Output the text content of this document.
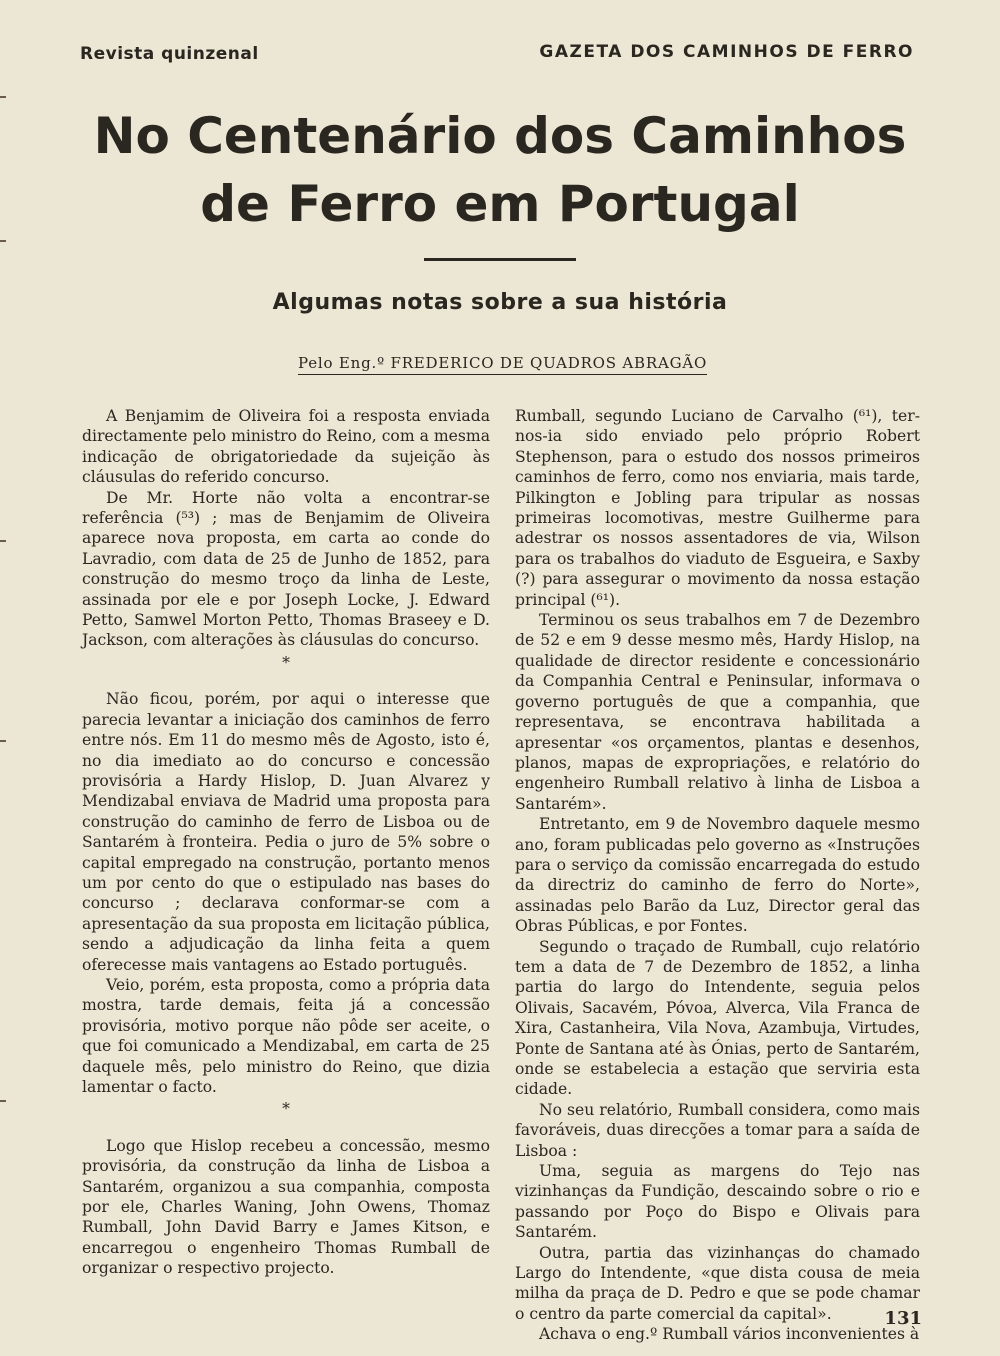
Revista quinzenal	GAZETA DOS CAMINHOS DE FERRO
No Centenário dos Caminhos
de Ferro em Portugal
Algumas notas sobre a sua história
Pelo Eng.º FREDERICO DE QUADROS ABRAGÃO

A Benjamim de Oliveira foi a resposta enviada directamente pelo ministro do Reino, com a mesma indicação de obrigatoriedade da sujeição às cláusulas do referido concurso.

De Mr. Horte não volta a encontrar-se referência (⁵³) ; mas de Benjamim de Oliveira aparece nova proposta, em carta ao conde do Lavradio, com data de 25 de Junho de 1852, para construção do mesmo troço da linha de Leste, assinada por ele e por Joseph Locke, J. Edward Petto, Samwel Morton Petto, Thomas Braseey e D. Jackson, com alterações às cláusulas do concurso.

*

Não ficou, porém, por aqui o interesse que parecia levantar a iniciação dos caminhos de ferro entre nós. Em 11 do mesmo mês de Agosto, isto é, no dia imediato ao do concurso e concessão provisória a Hardy Hislop, D. Juan Alvarez y Mendizabal enviava de Madrid uma proposta para construção do caminho de ferro de Lisboa ou de Santarém à fronteira. Pedia o juro de 5% sobre o capital empregado na construção, portanto menos um por cento do que o estipulado nas bases do concurso ; declarava conformar-se com a apresentação da sua proposta em licitação pública, sendo a adjudicação da linha feita a quem oferecesse mais vantagens ao Estado português.

Veio, porém, esta proposta, como a própria data mostra, tarde demais, feita já a concessão provisória, motivo porque não pôde ser aceite, o que foi comunicado a Mendizabal, em carta de 25 daquele mês, pelo ministro do Reino, que dizia lamentar o facto.

*

Logo que Hislop recebeu a concessão, mesmo provisória, da construção da linha de Lisboa a Santarém, organizou a sua companhia, composta por ele, Charles Waning, John Owens, Thomaz Rumball, John David Barry e James Kitson, e encarregou o engenheiro Thomas Rumball de organizar o respectivo projecto.

Rumball, segundo Luciano de Carvalho (⁶¹), ter-nos-ia sido enviado pelo próprio Robert Stephenson, para o estudo dos nossos primeiros caminhos de ferro, como nos enviaria, mais tarde, Pilkington e Jobling para tripular as nossas primeiras locomotivas, mestre Guilherme para adestrar os nossos assentadores de via, Wilson para os trabalhos do viaduto de Esgueira, e Saxby (?) para assegurar o movimento da nossa estação principal (⁶¹).

Terminou os seus trabalhos em 7 de Dezembro de 52 e em 9 desse mesmo mês, Hardy Hislop, na qualidade de director residente e concessionário da Companhia Central e Peninsular, informava o governo português de que a companhia, que representava, se encontrava habilitada a apresentar «os orçamentos, plantas e desenhos, planos, mapas de expropriações, e relatório do engenheiro Rumball relativo à linha de Lisboa a Santarém».

Entretanto, em 9 de Novembro daquele mesmo ano, foram publicadas pelo governo as «Instruções para o serviço da comissão encarregada do estudo da directriz do caminho de ferro do Norte», assinadas pelo Barão da Luz, Director geral das Obras Públicas, e por Fontes.

Segundo o traçado de Rumball, cujo relatório tem a data de 7 de Dezembro de 1852, a linha partia do largo do Intendente, seguia pelos Olivais, Sacavém, Póvoa, Alverca, Vila Franca de Xira, Castanheira, Vila Nova, Azambuja, Virtudes, Ponte de Santana até às Ónias, perto de Santarém, onde se estabelecia a estação que serviria esta cidade.

No seu relatório, Rumball considera, como mais favoráveis, duas direcções a tomar para a saída de Lisboa :

Uma, seguia as margens do Tejo nas vizinhanças da Fundição, descaindo sobre o rio e passando por Poço do Bispo e Olivais para Santarém.

Outra, partia das vizinhanças do chamado Largo do Intendente, «que dista cousa de meia milha da praça de D. Pedro e que se pode chamar o centro da parte comercial da capital».

Achava o eng.º Rumball vários inconvenientes à

131
